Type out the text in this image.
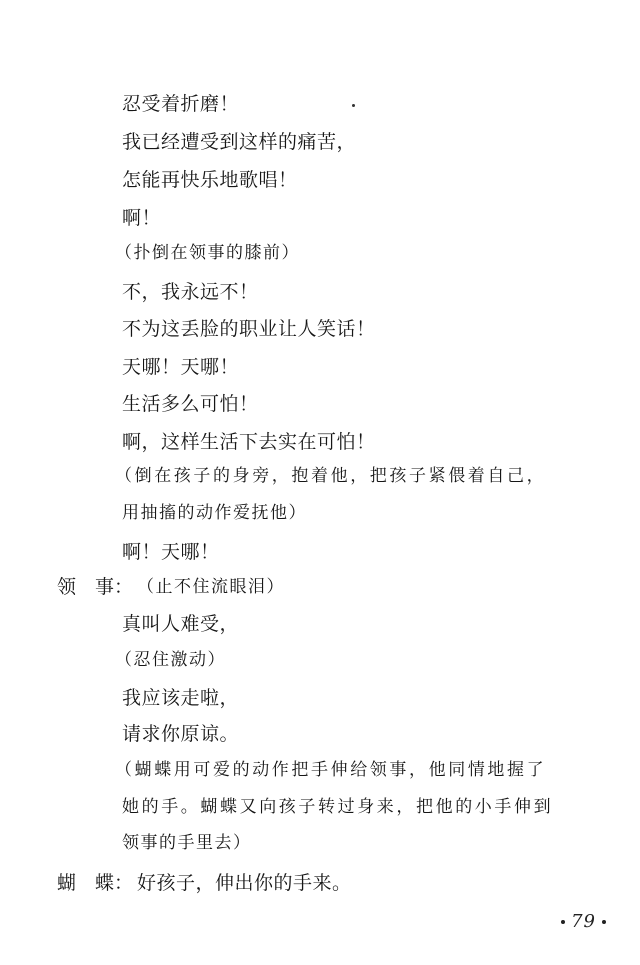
忍受着折磨！
我已经遭受到这样的痛苦，
怎能再快乐地歌唱！
啊！
（扑倒在领事的膝前）
不，我永远不！
不为这丢脸的职业让人笑话！
天哪！天哪！
生活多么可怕！
啊，这样生活下去实在可怕！
（倒在孩子的身旁，抱着他，把孩子紧偎着自己，
用抽搐的动作爱抚他）
啊！天哪！
领　事： （止不住流眼泪）
真叫人难受，
（忍住激动）
我应该走啦，
请求你原谅。
（蝴蝶用可爱的动作把手伸给领事，他同情地握了
她的手。蝴蝶又向孩子转过身来，把他的小手伸到
领事的手里去）
蝴　蝶： 好孩子，伸出你的手来。
79
